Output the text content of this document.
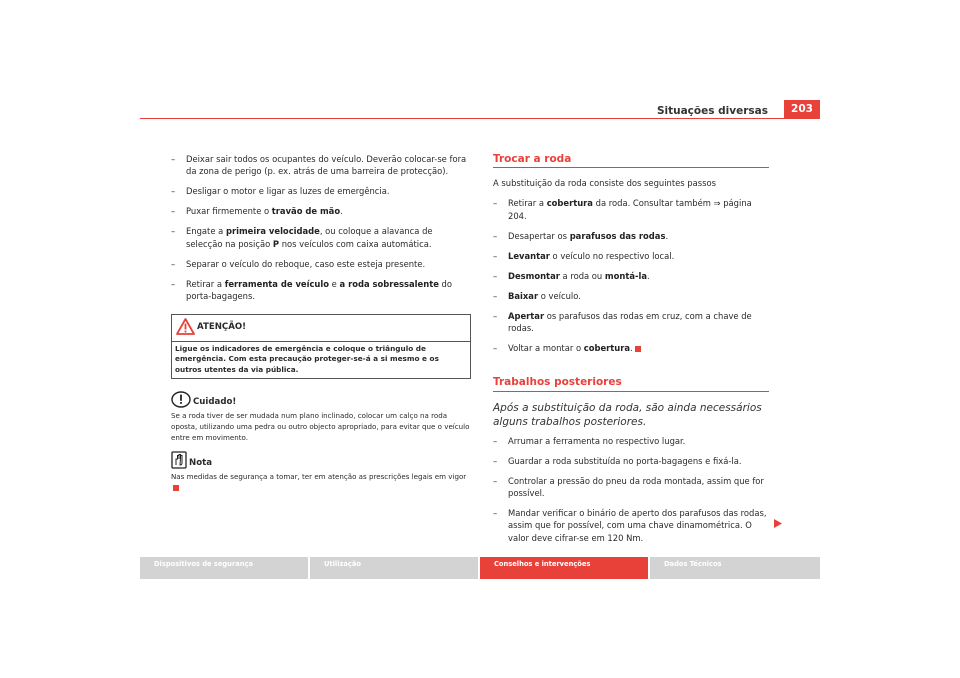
Situações diversas	203
– Deixar sair todos os ocupantes do veículo. Deverão colocar-se fora da zona de perigo (p. ex. atrás de uma barreira de protecção).
– Desligar o motor e ligar as luzes de emergência.
– Puxar firmemente o travão de mão.
– Engate a primeira velocidade, ou coloque a alavanca de selecção na posição P nos veículos com caixa automática.
– Separar o veículo do reboque, caso este esteja presente.
– Retirar a ferramenta de veículo e a roda sobressalente do porta-bagagens.
ATENÇÃO!
Ligue os indicadores de emergência e coloque o triângulo de emergência. Com esta precaução proteger-se-á a si mesmo e os outros utentes da via pública.
Cuidado!
Se a roda tiver de ser mudada num plano inclinado, colocar um calço na roda oposta, utilizando uma pedra ou outro objecto apropriado, para evitar que o veículo entre em movimento.
Nota
Nas medidas de segurança a tomar, ter em atenção as prescrições legais em vigor
Trocar a roda
A substituição da roda consiste dos seguintes passos
– Retirar a cobertura da roda. Consultar também ⇒ página 204.
– Desapertar os parafusos das rodas.
– Levantar o veículo no respectivo local.
– Desmontar a roda ou montá-la.
– Baixar o veículo.
– Apertar os parafusos das rodas em cruz, com a chave de rodas.
– Voltar a montar o cobertura.
Trabalhos posteriores
Após a substituição da roda, são ainda necessários alguns trabalhos posteriores.
– Arrumar a ferramenta no respectivo lugar.
– Guardar a roda substituída no porta-bagagens e fixá-la.
– Controlar a pressão do pneu da roda montada, assim que for possível.
– Mandar verificar o binário de aperto dos parafusos das rodas, assim que for possível, com uma chave dinamométrica. O valor deve cifrar-se em 120 Nm.
Dispositivos de segurança	Utilização	Conselhos e intervenções	Dados Técnicos
